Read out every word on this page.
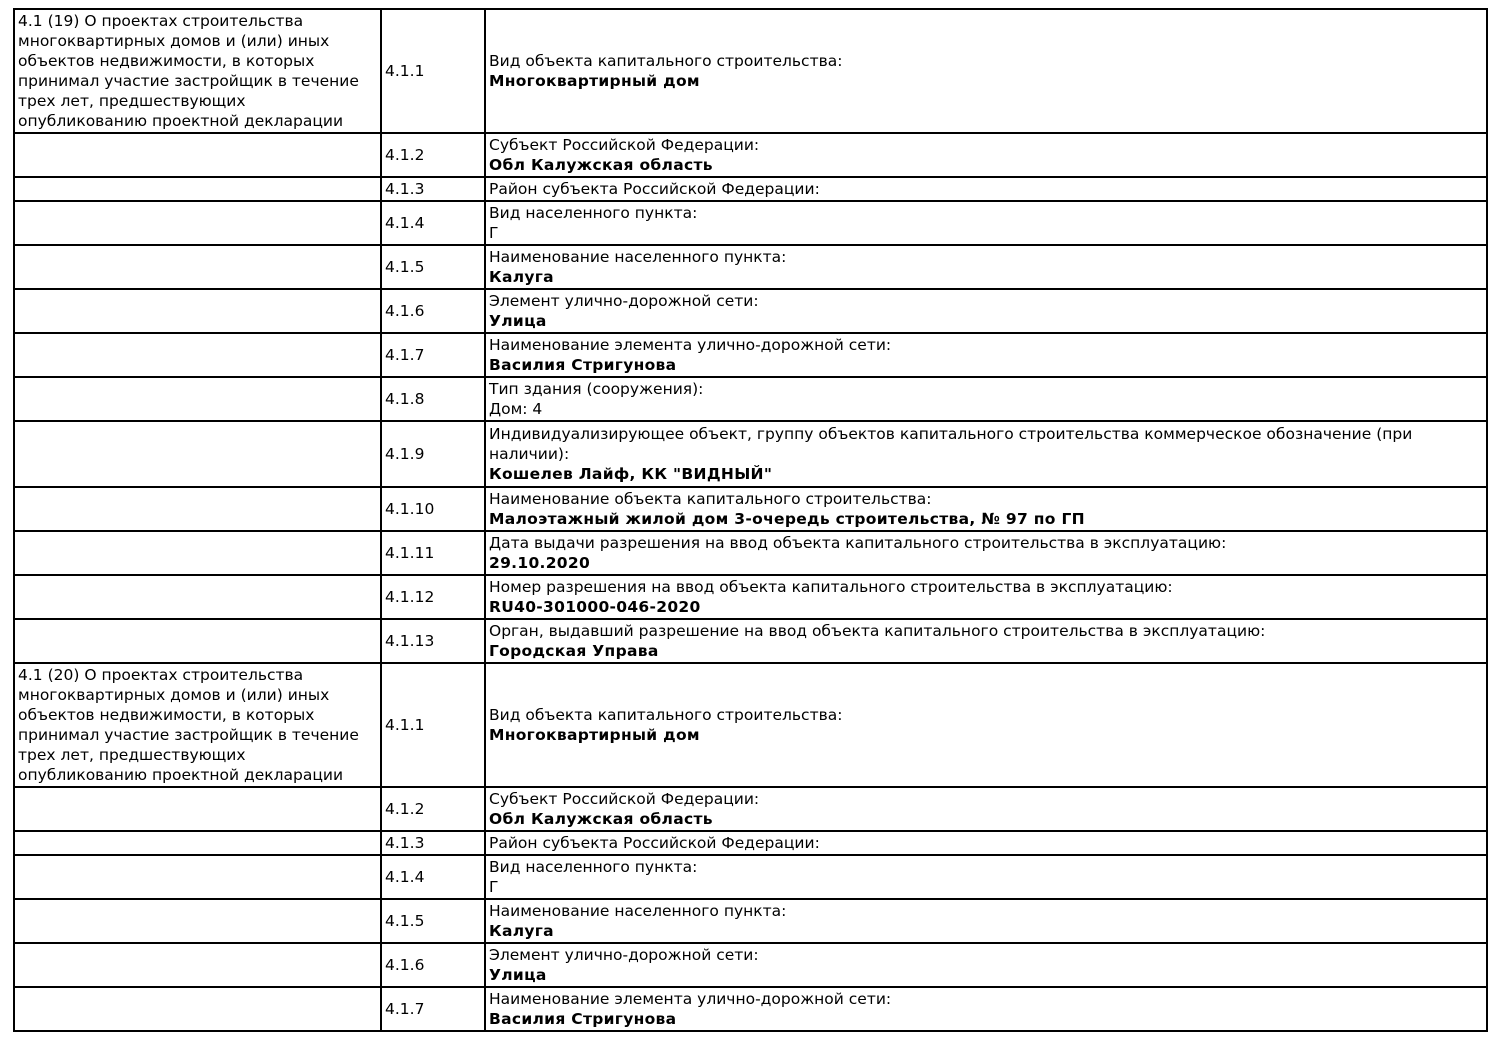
4.1 (19) О проектах строительства многоквартирных домов и (или) иных объектов недвижимости, в которых принимал участие застройщик в течение трех лет, предшествующих опубликованию проектной декларации	4.1.1	Вид объекта капитального строительства:
Многоквартирный дом

	4.1.2	Субъект Российской Федерации:
Обл Калужская область

	4.1.3	Район субъекта Российской Федерации:

	4.1.4	Вид населенного пункта:
Г

	4.1.5	Наименование населенного пункта:
Калуга

	4.1.6	Элемент улично-дорожной сети:
Улица

	4.1.7	Наименование элемента улично-дорожной сети:
Василия Стригунова

	4.1.8	Тип здания (сооружения):
Дом: 4

	4.1.9	Индивидуализирующее объект, группу объектов капитального строительства коммерческое обозначение (при наличии):
Кошелев Лайф, КК "ВИДНЫЙ"

	4.1.10	Наименование объекта капитального строительства:
Малоэтажный жилой дом 3-очередь строительства, № 97 по ГП

	4.1.11	Дата выдачи разрешения на ввод объекта капитального строительства в эксплуатацию:
29.10.2020

	4.1.12	Номер разрешения на ввод объекта капитального строительства в эксплуатацию:
RU40-301000-046-2020

	4.1.13	Орган, выдавший разрешение на ввод объекта капитального строительства в эксплуатацию:
Городская Управа

4.1 (20) О проектах строительства многоквартирных домов и (или) иных объектов недвижимости, в которых принимал участие застройщик в течение трех лет, предшествующих опубликованию проектной декларации	4.1.1	Вид объекта капитального строительства:
Многоквартирный дом

	4.1.2	Субъект Российской Федерации:
Обл Калужская область

	4.1.3	Район субъекта Российской Федерации:

	4.1.4	Вид населенного пункта:
Г

	4.1.5	Наименование населенного пункта:
Калуга

	4.1.6	Элемент улично-дорожной сети:
Улица

	4.1.7	Наименование элемента улично-дорожной сети:
Василия Стригунова
